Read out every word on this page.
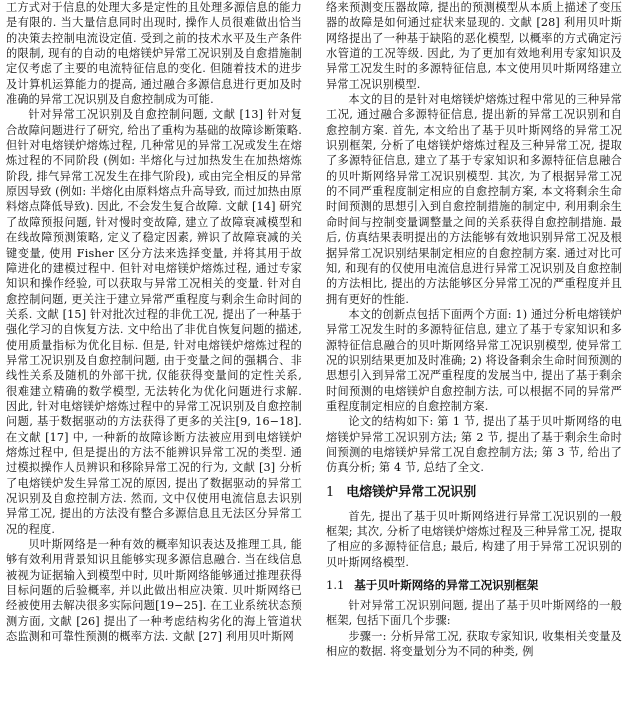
工方式对于信息的处理大多是定性的且处理多源信息的能力是有限的. 当大量信息同时出现时, 操作人员很难做出恰当的决策去控制电流设定值. 受到之前的技术水平及生产条件的限制, 现有的自动的电熔镁炉异常工况识别及自愈措施制定仅考虑了主要的电流特征信息的变化. 但随着技术的进步及计算机运算能力的提高, 通过融合多源信息进行更加及时准确的异常工况识别及自愈控制成为可能.

针对异常工况识别及自愈控制问题, 文献 [13] 针对复合故障问题进行了研究, 给出了重构为基础的故障诊断策略. 但针对电熔镁炉熔炼过程, 几种常见的异常工况或发生在熔炼过程的不同阶段 (例如: 半熔化与过加热发生在加热熔炼阶段, 排气异常工况发生在排气阶段), 或由完全相反的异常原因导致 (例如: 半熔化由原料熔点升高导致, 而过加热由原料熔点降低导致). 因此, 不会发生复合故障. 文献 [14] 研究了故障预报问题, 针对慢时变故障, 建立了故障衰减模型和在线故障预测策略, 定义了稳定因素, 辨识了故障衰减的关键变量, 使用 Fisher 区分方法来选择变量, 并将其用于故障进化的建模过程中. 但针对电熔镁炉熔炼过程, 通过专家知识和操作经验, 可以获取与异常工况相关的变量. 针对自愈控制问题, 更关注于建立异常严重程度与剩余生命时间的关系. 文献 [15] 针对批次过程的非优工况, 提出了一种基于强化学习的自恢复方法. 文中给出了非优自恢复问题的描述, 使用质量指标为优化目标. 但是, 针对电熔镁炉熔炼过程的异常工况识别及自愈控制问题, 由于变量之间的强耦合、非线性关系及随机的外部干扰, 仅能获得变量间的定性关系, 很难建立精确的数学模型, 无法转化为优化问题进行求解. 因此, 针对电熔镁炉熔炼过程中的异常工况识别及自愈控制问题, 基于数据驱动的方法获得了更多的关注[9, 16−18]. 在文献 [17] 中, 一种新的故障诊断方法被应用到电熔镁炉熔炼过程中, 但是提出的方法不能辨识异常工况的类型. 通过模拟操作人员辨识和移除异常工况的行为, 文献 [3] 分析了电熔镁炉发生异常工况的原因, 提出了数据驱动的异常工况识别及自愈控制方法. 然而, 文中仅使用电流信息去识别异常工况, 提出的方法没有整合多源信息且无法区分异常工况的程度.

贝叶斯网络是一种有效的概率知识表达及推理工具, 能够有效利用背景知识且能够实现多源信息融合. 当在线信息被视为证据输入到模型中时, 贝叶斯网络能够通过推理获得目标问题的后验概率, 并以此做出相应决策. 贝叶斯网络已经被使用去解决很多实际问题[19−25]. 在工业系统状态预测方面, 文献 [26] 提出了一种考虑结构劣化的海上管道状态监测和可靠性预测的概率方法. 文献 [27] 利用贝叶斯网

络来预测变压器故障, 提出的预测模型从本质上描述了变压器的故障是如何通过症状来显现的. 文献 [28] 利用贝叶斯网络提出了一种基于缺陷的恶化模型, 以概率的方式确定污水管道的工况等级. 因此, 为了更加有效地利用专家知识及异常工况发生时的多源特征信息, 本文使用贝叶斯网络建立异常工况识别模型.

本文的目的是针对电熔镁炉熔炼过程中常见的三种异常工况, 通过融合多源特征信息, 提出新的异常工况识别和自愈控制方案. 首先, 本文给出了基于贝叶斯网络的异常工况识别框架, 分析了电熔镁炉熔炼过程及三种异常工况, 提取了多源特征信息, 建立了基于专家知识和多源特征信息融合的贝叶斯网络异常工况识别模型. 其次, 为了根据异常工况的不同严重程度制定相应的自愈控制方案, 本文将剩余生命时间预测的思想引入到自愈控制措施的制定中, 利用剩余生命时间与控制变量调整量之间的关系获得自愈控制措施. 最后, 仿真结果表明提出的方法能够有效地识别异常工况及根据异常工况识别结果制定相应的自愈控制方案. 通过对比可知, 和现有的仅使用电流信息进行异常工况识别及自愈控制的方法相比, 提出的方法能够区分异常工况的严重程度并且拥有更好的性能.

本文的创新点包括下面两个方面: 1) 通过分析电熔镁炉异常工况发生时的多源特征信息, 建立了基于专家知识和多源特征信息融合的贝叶斯网络异常工况识别模型, 使异常工况的识别结果更加及时准确; 2) 将设备剩余生命时间预测的思想引入到异常工况严重程度的发展当中, 提出了基于剩余时间预测的电熔镁炉自愈控制方法, 可以根据不同的异常严重程度制定相应的自愈控制方案.

论文的结构如下: 第 1 节, 提出了基于贝叶斯网络的电熔镁炉异常工况识别方法; 第 2 节, 提出了基于剩余生命时间预测的电熔镁炉异常工况自愈控制方法; 第 3 节, 给出了仿真分析; 第 4 节, 总结了全文.

1 电熔镁炉异常工况识别

首先, 提出了基于贝叶斯网络进行异常工况识别的一般框架; 其次, 分析了电熔镁炉熔炼过程及三种异常工况, 提取了相应的多源特征信息; 最后, 构建了用于异常工况识别的贝叶斯网络模型.

1.1 基于贝叶斯网络的异常工况识别框架

针对异常工况识别问题, 提出了基于贝叶斯网络的一般框架, 包括下面几个步骤:

步骤一: 分析异常工况, 获取专家知识, 收集相关变量及相应的数据. 将变量划分为不同的种类, 例
